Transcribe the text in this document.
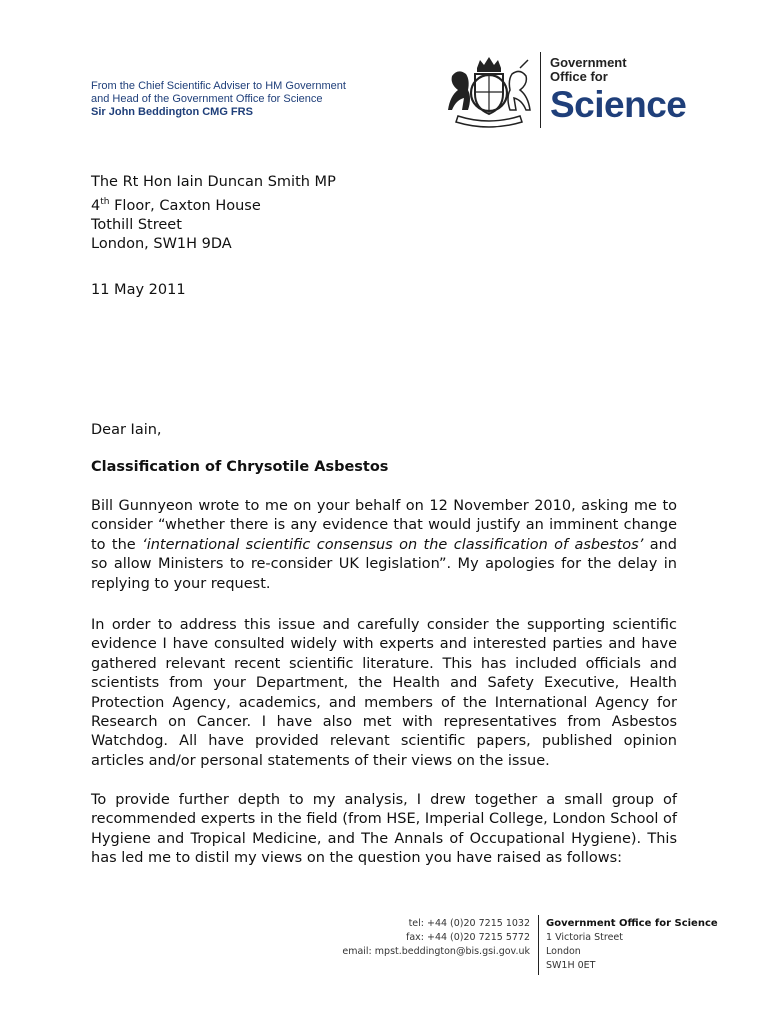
From the Chief Scientific Adviser to HM Government
and Head of the Government Office for Science
Sir John Beddington CMG FRS
Government
Office for
Science
The Rt Hon Iain Duncan Smith MP
4th Floor, Caxton House
Tothill Street
London, SW1H 9DA
11 May 2011
Dear Iain,
Classification of Chrysotile Asbestos

Bill Gunnyeon wrote to me on your behalf on 12 November 2010, asking me to consider “whether there is any evidence that would justify an imminent change to the ‘international scientific consensus on the classification of asbestos’ and so allow Ministers to re-consider UK legislation”. My apologies for the delay in replying to your request.

In order to address this issue and carefully consider the supporting scientific evidence I have consulted widely with experts and interested parties and have gathered relevant recent scientific literature. This has included officials and scientists from your Department, the Health and Safety Executive, Health Protection Agency, academics, and members of the International Agency for Research on Cancer. I have also met with representatives from Asbestos Watchdog. All have provided relevant scientific papers, published opinion articles and/or personal statements of their views on the issue.

To provide further depth to my analysis, I drew together a small group of recommended experts in the field (from HSE, Imperial College, London School of Hygiene and Tropical Medicine, and The Annals of Occupational Hygiene). This has led me to distil my views on the question you have raised as follows:

tel: +44 (0)20 7215 1032
fax: +44 (0)20 7215 5772
email: mpst.beddington@bis.gsi.gov.uk
Government Office for Science
1 Victoria Street
London
SW1H 0ET
